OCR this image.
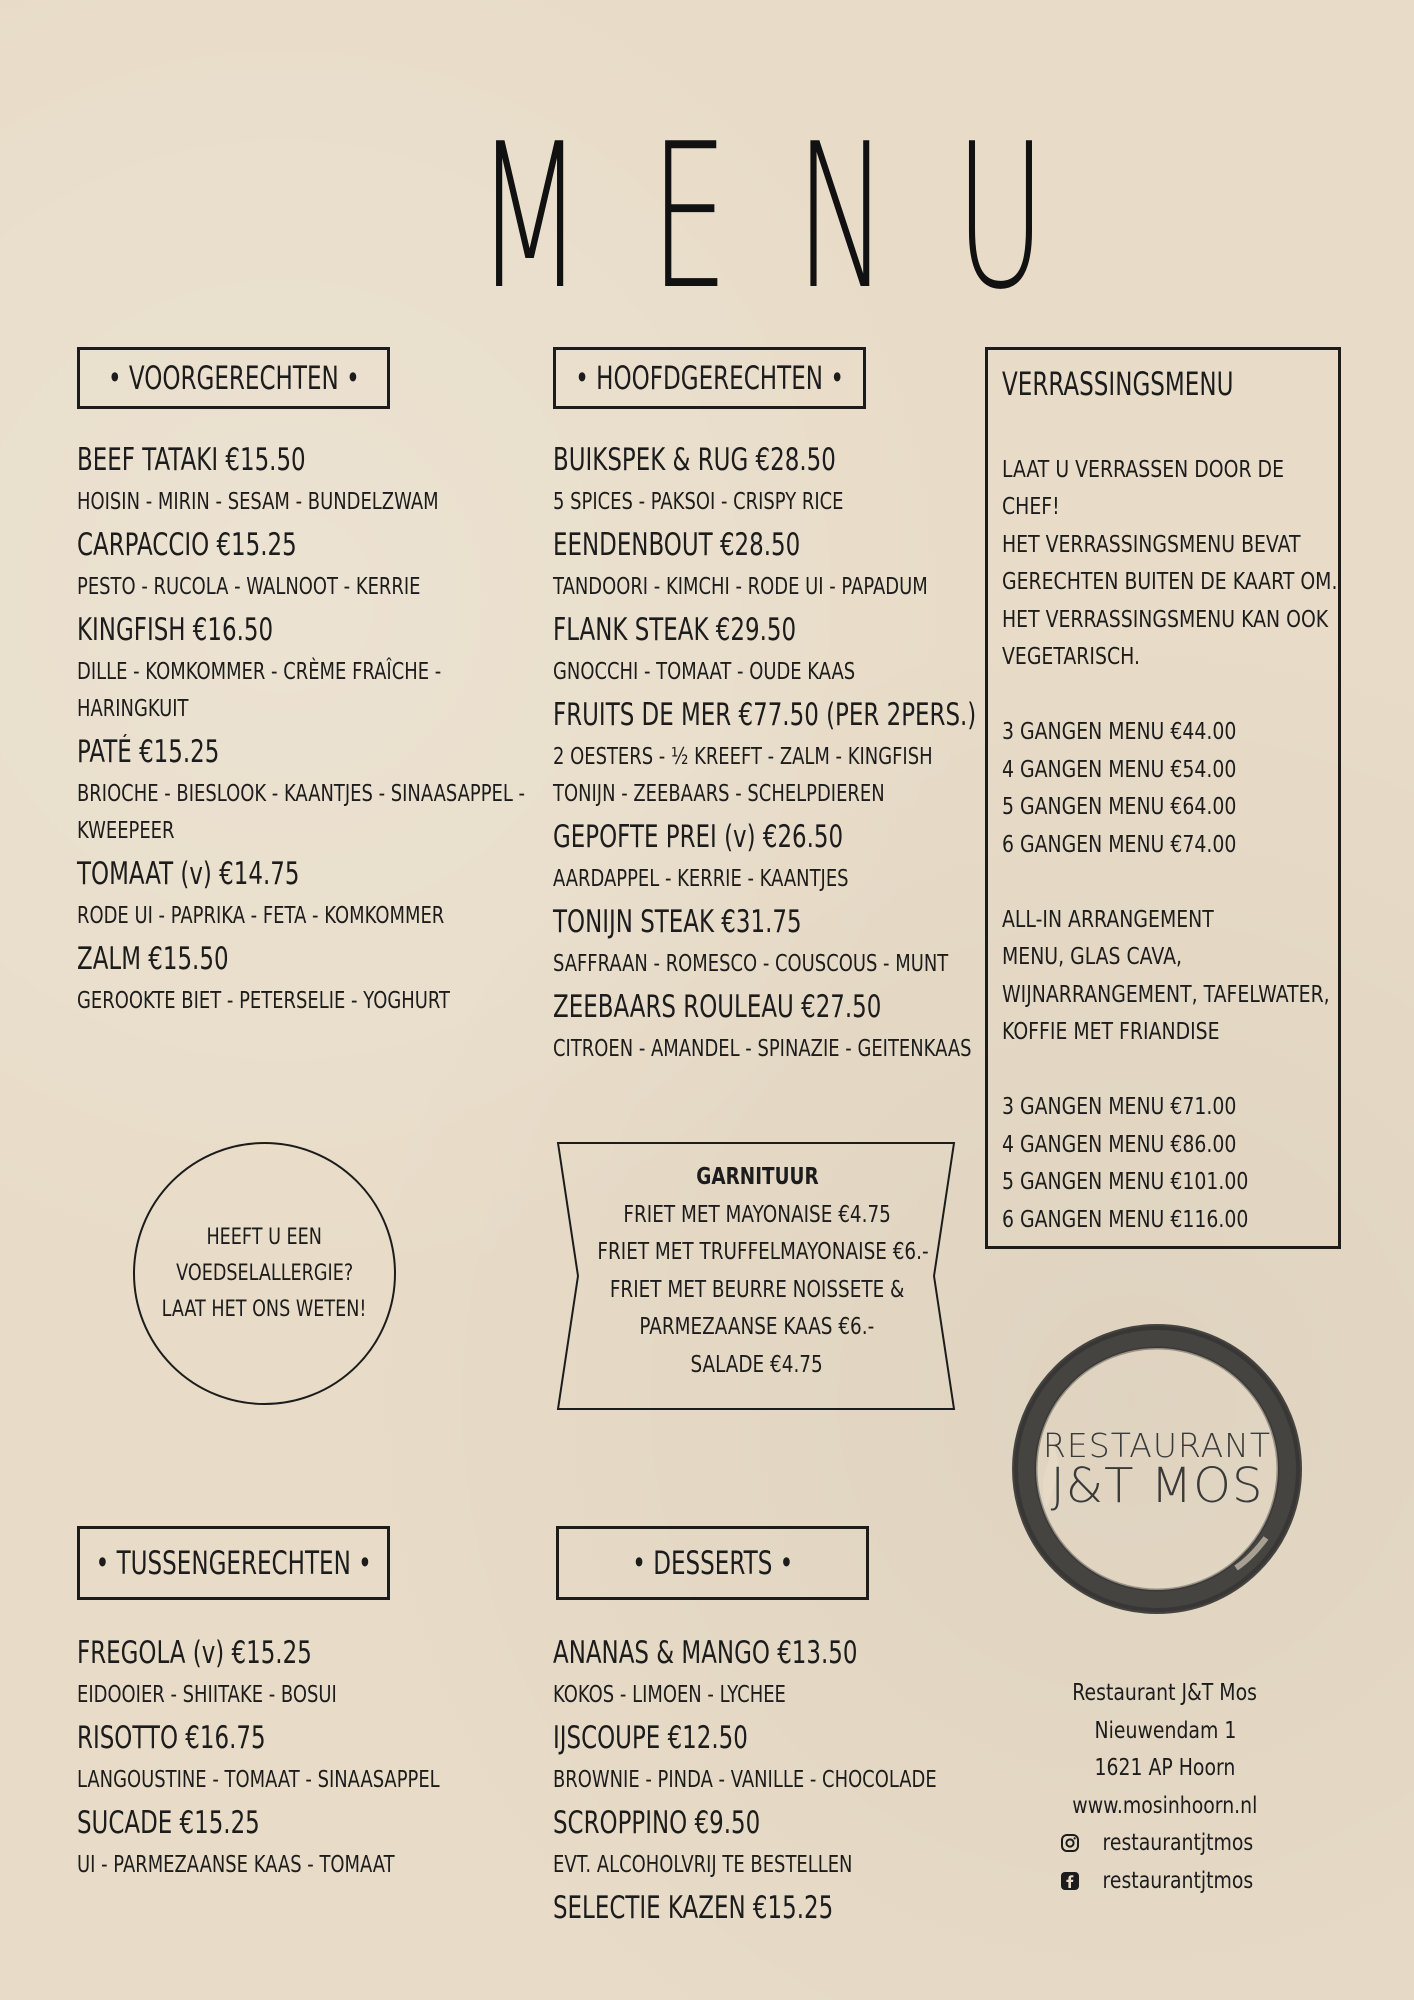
MENU
• VOORGERECHTEN •	• HOOFDGERECHTEN •
BEEF TATAKI €15.50
HOISIN - MIRIN - SESAM - BUNDELZWAM
CARPACCIO €15.25
PESTO - RUCOLA - WALNOOT - KERRIE
KINGFISH €16.50
DILLE - KOMKOMMER - CRÈME FRAÎCHE -
HARINGKUIT
PATÉ €15.25
BRIOCHE - BIESLOOK - KAANTJES - SINAASAPPEL -
KWEEPEER
TOMAAT (v) €14.75
RODE UI - PAPRIKA - FETA - KOMKOMMER
ZALM €15.50
GEROOKTE BIET - PETERSELIE - YOGHURT
BUIKSPEK & RUG €28.50
5 SPICES - PAKSOI - CRISPY RICE
EENDENBOUT €28.50
TANDOORI - KIMCHI - RODE UI - PAPADUM
FLANK STEAK €29.50
GNOCCHI - TOMAAT - OUDE KAAS
FRUITS DE MER €77.50 (PER 2PERS.)
2 OESTERS - ½ KREEFT - ZALM - KINGFISH
TONIJN - ZEEBAARS - SCHELPDIEREN
GEPOFTE PREI (v) €26.50
AARDAPPEL - KERRIE - KAANTJES
TONIJN STEAK €31.75
SAFFRAAN - ROMESCO - COUSCOUS - MUNT
ZEEBAARS ROULEAU €27.50
CITROEN - AMANDEL - SPINAZIE - GEITENKAAS
VERRASSINGSMENU
LAAT U VERRASSEN DOOR DE
CHEF!
HET VERRASSINGSMENU BEVAT
GERECHTEN BUITEN DE KAART OM.
HET VERRASSINGSMENU KAN OOK
VEGETARISCH.
3 GANGEN MENU €44.00
4 GANGEN MENU €54.00
5 GANGEN MENU €64.00
6 GANGEN MENU €74.00
ALL-IN ARRANGEMENT
MENU, GLAS CAVA,
WIJNARRANGEMENT, TAFELWATER,
KOFFIE MET FRIANDISE
3 GANGEN MENU €71.00
4 GANGEN MENU €86.00
5 GANGEN MENU €101.00
6 GANGEN MENU €116.00
HEEFT U EEN
VOEDSELALLERGIE?
LAAT HET ONS WETEN!
GARNITUUR
FRIET MET MAYONAISE €4.75
FRIET MET TRUFFELMAYONAISE €6.-
FRIET MET BEURRE NOISSETE &
PARMEZAANSE KAAS €6.-
SALADE €4.75
RESTAURANT
J&T MOS
• TUSSENGERECHTEN •	• DESSERTS •
FREGOLA (v) €15.25
EIDOOIER - SHIITAKE - BOSUI
RISOTTO €16.75
LANGOUSTINE - TOMAAT - SINAASAPPEL
SUCADE €15.25
UI - PARMEZAANSE KAAS - TOMAAT
ANANAS & MANGO €13.50
KOKOS - LIMOEN - LYCHEE
IJSCOUPE €12.50
BROWNIE - PINDA - VANILLE - CHOCOLADE
SCROPPINO €9.50
EVT. ALCOHOLVRIJ TE BESTELLEN
SELECTIE KAZEN €15.25
Restaurant J&T Mos
Nieuwendam 1
1621 AP Hoorn
www.mosinhoorn.nl
restaurantjtmos
restaurantjtmos
